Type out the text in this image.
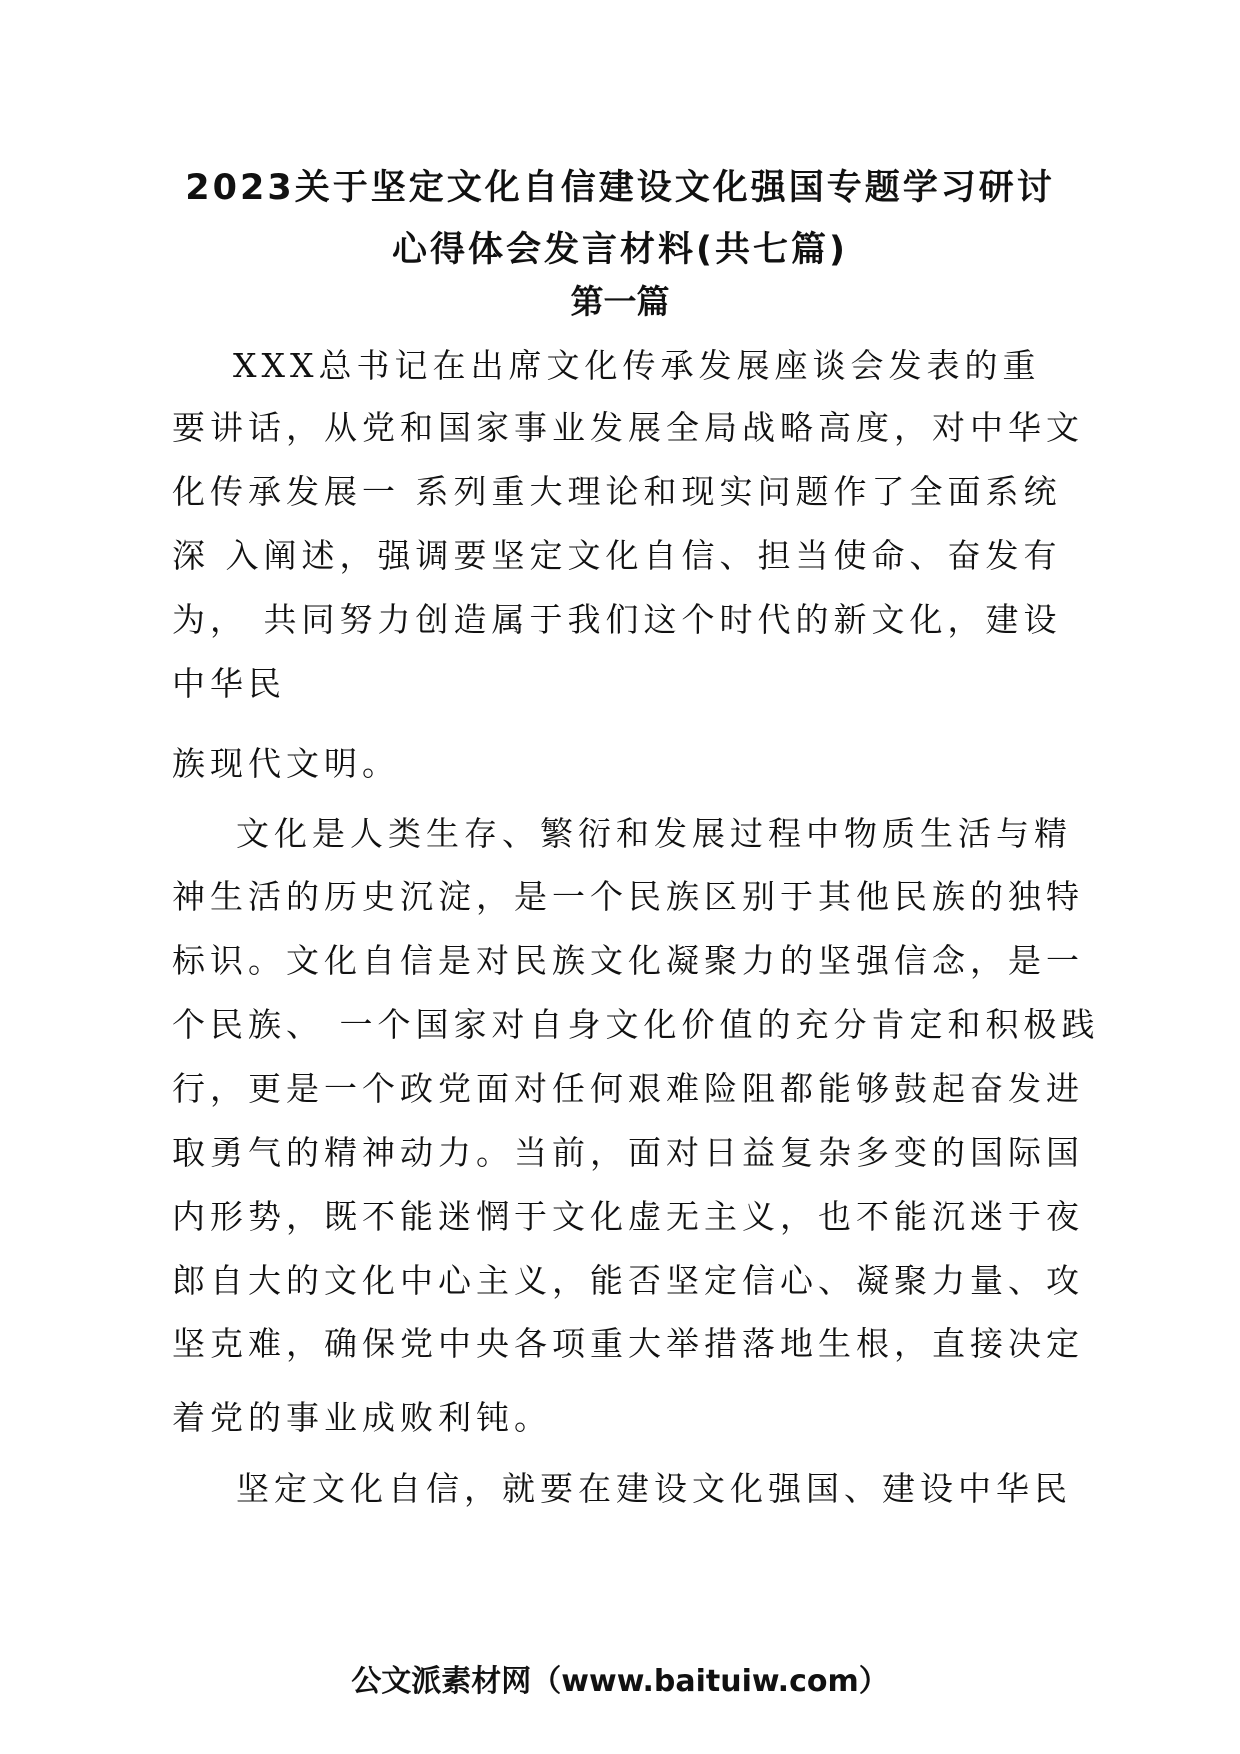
2023关于坚定文化自信建设文化强国专题学习研讨
心得体会发言材料(共七篇)
第一篇

XXX总书记在出席文化传承发展座谈会发表的重

要讲话，从党和国家事业发展全局战略高度，对中华文

化传承发展一 系列重大理论和现实问题作了全面系统

深 入阐述，强调要坚定文化自信、担当使命、奋发有

为， 共同努力创造属于我们这个时代的新文化，建设

中华民

族现代文明。

文化是人类生存、繁衍和发展过程中物质生活与精

神生活的历史沉淀，是一个民族区别于其他民族的独特

标识。文化自信是对民族文化凝聚力的坚强信念，是一

个民族、 一个国家对自身文化价值的充分肯定和积极践

行，更是一个政党面对任何艰难险阻都能够鼓起奋发进

取勇气的精神动力。当前，面对日益复杂多变的国际国

内形势，既不能迷惘于文化虚无主义，也不能沉迷于夜

郎自大的文化中心主义，能否坚定信心、凝聚力量、攻

坚克难，确保党中央各项重大举措落地生根，直接决定

着党的事业成败利钝。

坚定文化自信，就要在建设文化强国、建设中华民

公文派素材网（www.baituiw.com）
